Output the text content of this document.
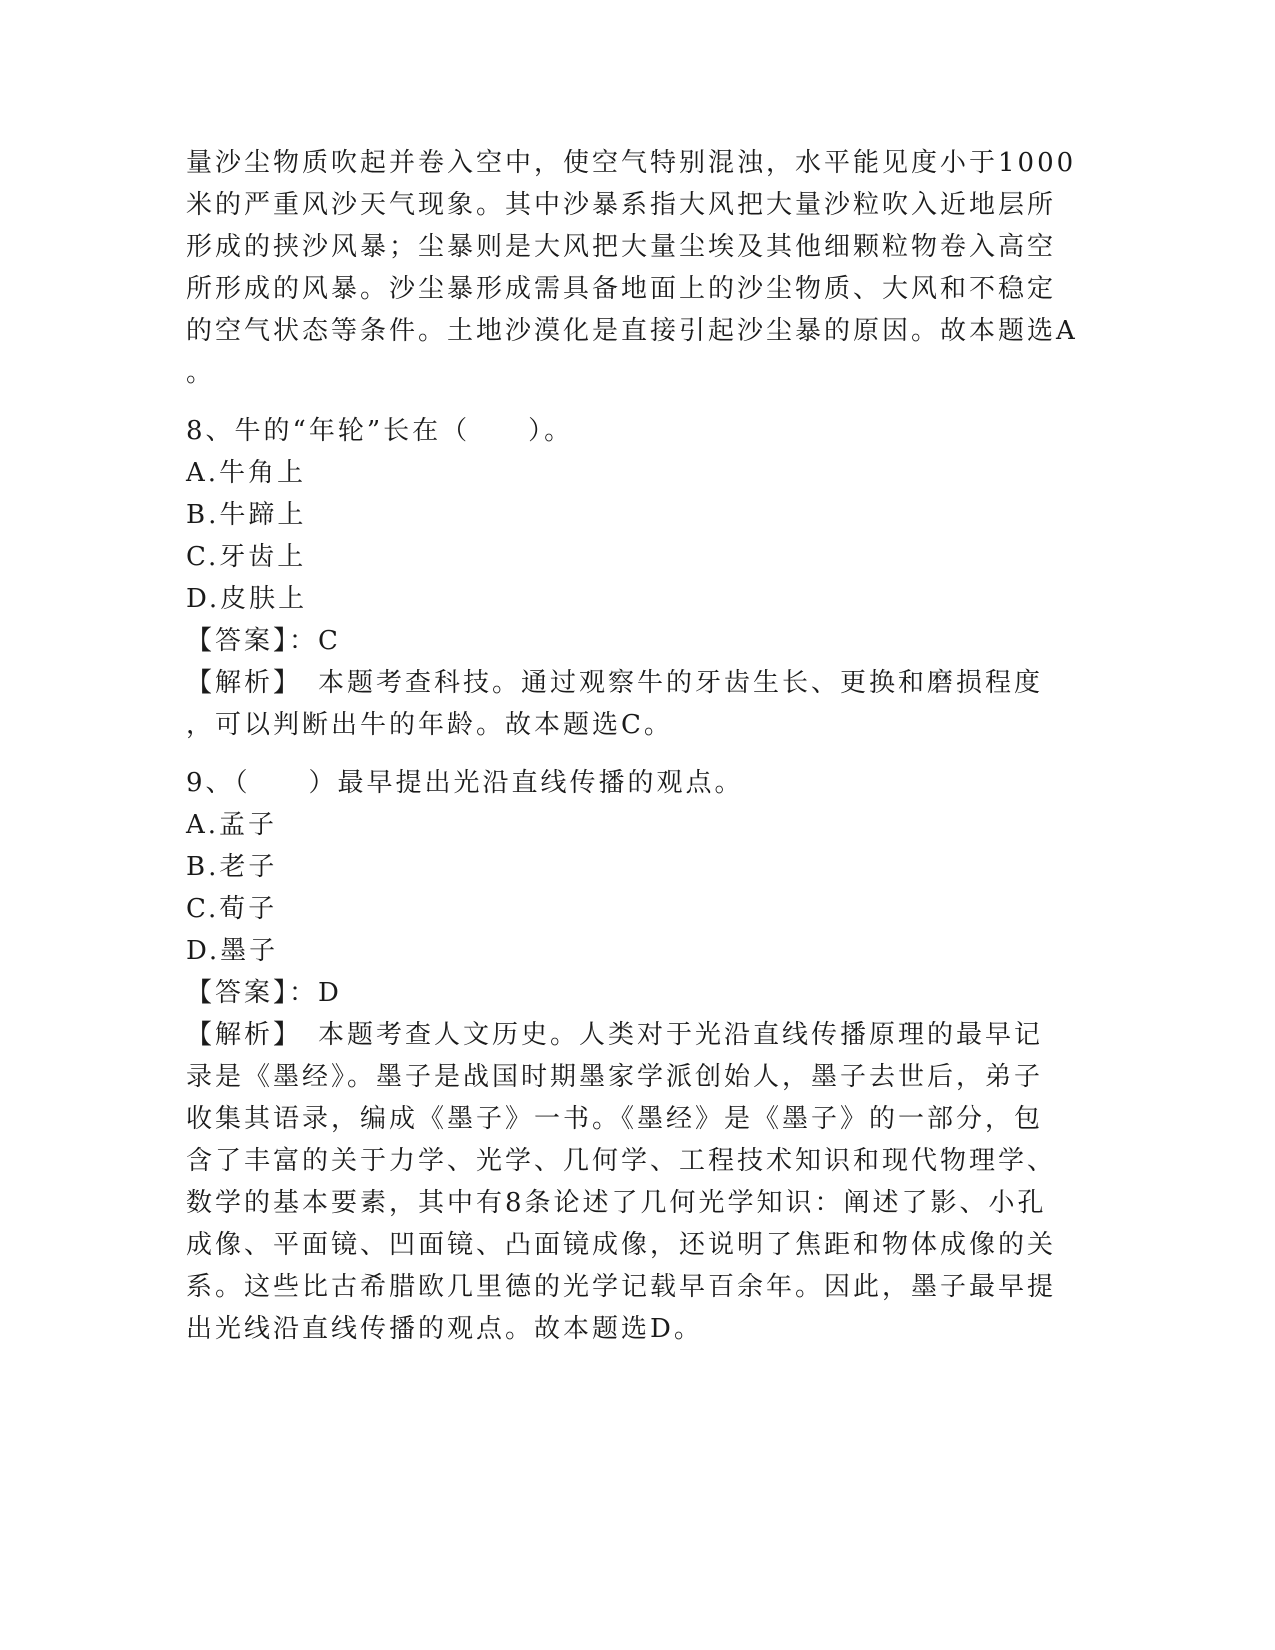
量沙尘物质吹起并卷入空中，使空气特别混浊，水平能见度小于1000
米的严重风沙天气现象。其中沙暴系指大风把大量沙粒吹入近地层所
形成的挟沙风暴；尘暴则是大风把大量尘埃及其他细颗粒物卷入高空
所形成的风暴。沙尘暴形成需具备地面上的沙尘物质、大风和不稳定
的空气状态等条件。土地沙漠化是直接引起沙尘暴的原因。故本题选A
。
8、牛的“年轮”长在（　　）。
A.牛角上
B.牛蹄上
C.牙齿上
D.皮肤上
【答案】：C
【解析】　本题考查科技。通过观察牛的牙齿生长、更换和磨损程度
，可以判断出牛的年龄。故本题选C。
9、（　　）最早提出光沿直线传播的观点。
A.孟子
B.老子
C.荀子
D.墨子
【答案】：D
【解析】　本题考查人文历史。人类对于光沿直线传播原理的最早记
录是《墨经》。墨子是战国时期墨家学派创始人，墨子去世后，弟子
收集其语录，编成《墨子》一书。《墨经》是《墨子》的一部分，包
含了丰富的关于力学、光学、几何学、工程技术知识和现代物理学、
数学的基本要素，其中有8条论述了几何光学知识：阐述了影、小孔
成像、平面镜、凹面镜、凸面镜成像，还说明了焦距和物体成像的关
系。这些比古希腊欧几里德的光学记载早百余年。因此，墨子最早提
出光线沿直线传播的观点。故本题选D。
